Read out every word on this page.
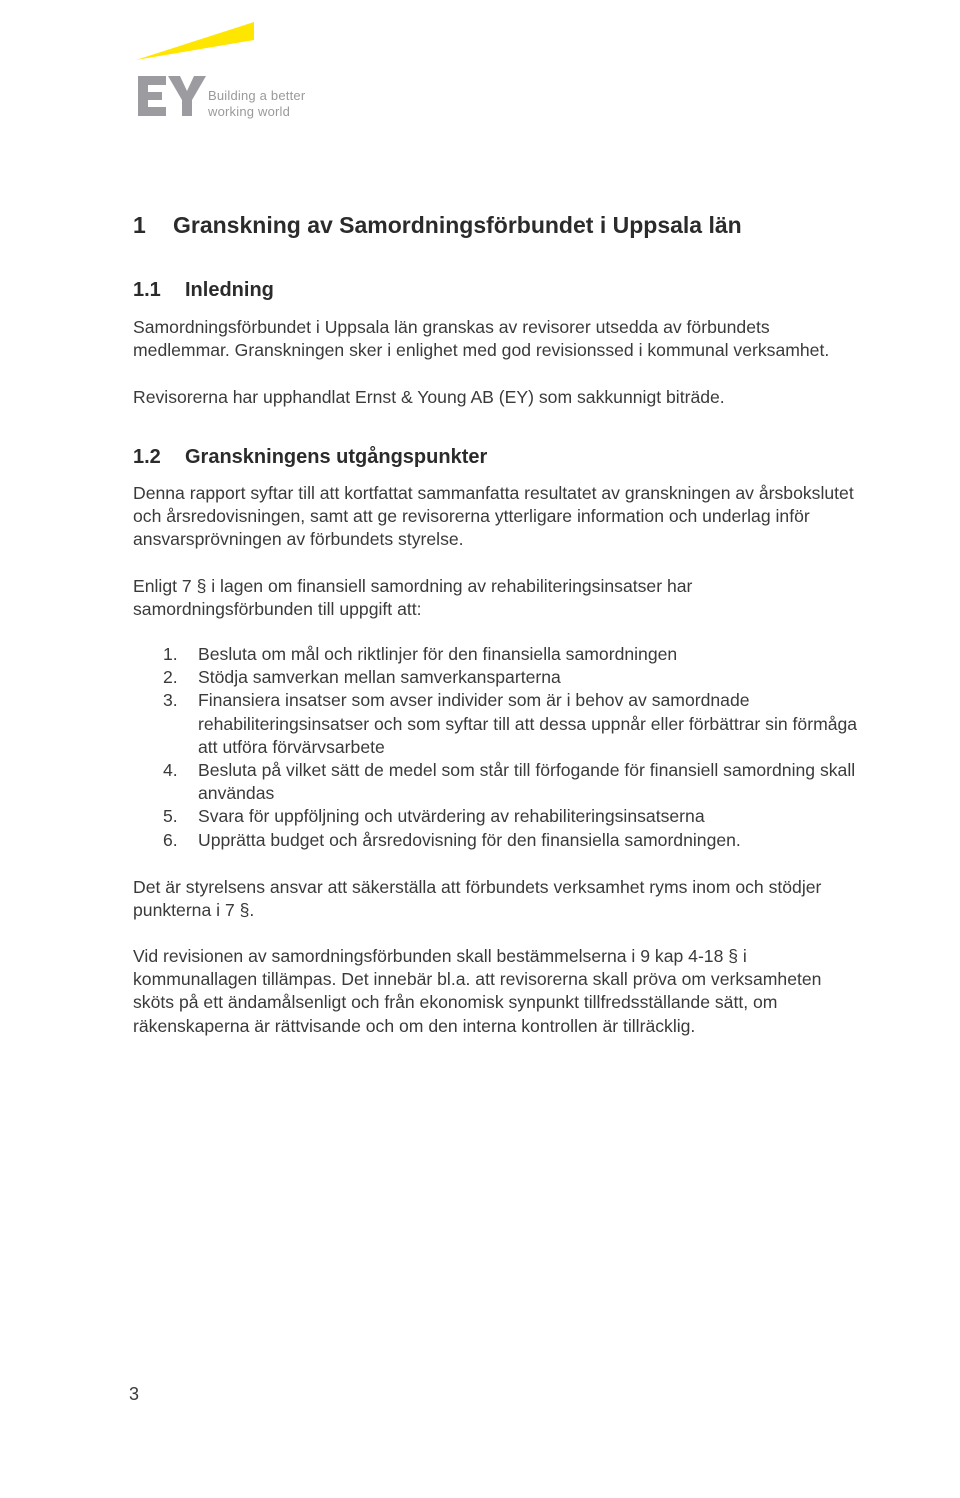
Building a better
working world
1 Granskning av Samordningsförbundet i Uppsala län
1.1 Inledning

Samordningsförbundet i Uppsala län granskas av revisorer utsedda av förbundets
medlemmar. Granskningen sker i enlighet med god revisionssed i kommunal verksamhet.

Revisorerna har upphandlat Ernst & Young AB (EY) som sakkunnigt biträde.

1.2 Granskningens utgångspunkter

Denna rapport syftar till att kortfattat sammanfatta resultatet av granskningen av årsbokslutet
och årsredovisningen, samt att ge revisorerna ytterligare information och underlag inför
ansvarsprövningen av förbundets styrelse.

Enligt 7 § i lagen om finansiell samordning av rehabiliteringsinsatser har
samordningsförbunden till uppgift att:

1. Besluta om mål och riktlinjer för den finansiella samordningen
2. Stödja samverkan mellan samverkansparterna
3. Finansiera insatser som avser individer som är i behov av samordnade
rehabiliteringsinsatser och som syftar till att dessa uppnår eller förbättrar sin förmåga
att utföra förvärvsarbete
4. Besluta på vilket sätt de medel som står till förfogande för finansiell samordning skall
användas
5. Svara för uppföljning och utvärdering av rehabiliteringsinsatserna
6. Upprätta budget och årsredovisning för den finansiella samordningen.

Det är styrelsens ansvar att säkerställa att förbundets verksamhet ryms inom och stödjer
punkterna i 7 §.

Vid revisionen av samordningsförbunden skall bestämmelserna i 9 kap 4-18 § i
kommunallagen tillämpas. Det innebär bl.a. att revisorerna skall pröva om verksamheten
sköts på ett ändamålsenligt och från ekonomisk synpunkt tillfredsställande sätt, om
räkenskaperna är rättvisande och om den interna kontrollen är tillräcklig.

3
